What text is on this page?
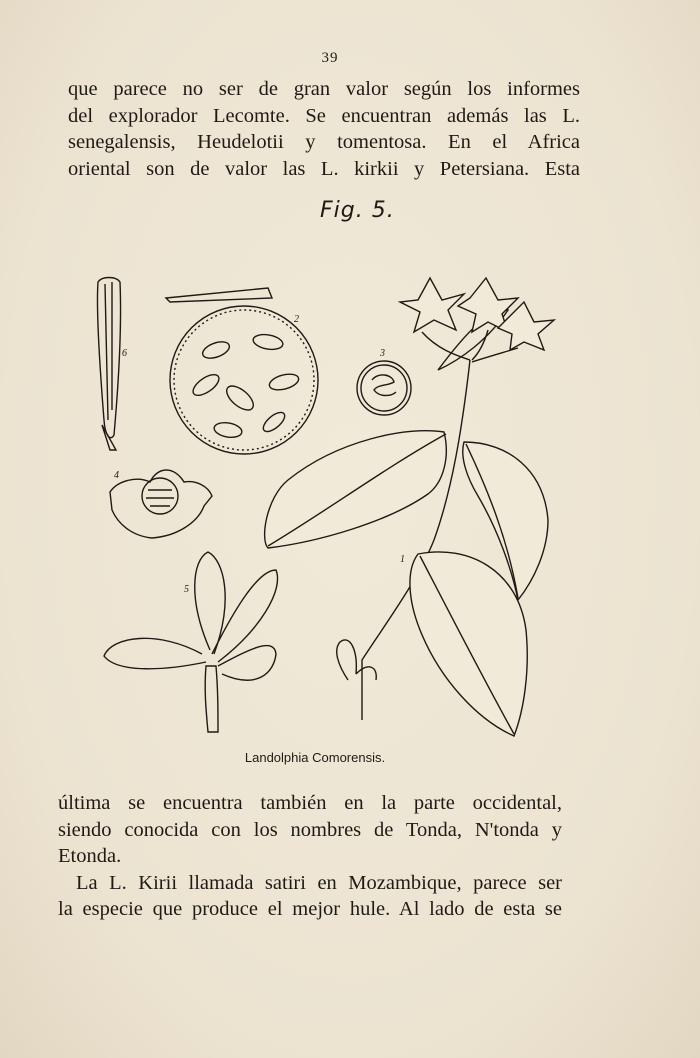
39
que parece no ser de gran valor según los informes
del explorador Lecomte. Se encuentran además las L.
senegalensis, Heudelotii y tomentosa. En el Africa
oriental son de valor las L. kirkii y Petersiana. Esta
Fig. 5.
6
2
3
4
5
1
Landolphia Comorensis.
última se encuentra también en la parte occidental,
siendo conocida con los nombres de Tonda, N'tonda y
Etonda.
La L. Kirii llamada satiri en Mozambique, parece ser
la especie que produce el mejor hule. Al lado de esta se
